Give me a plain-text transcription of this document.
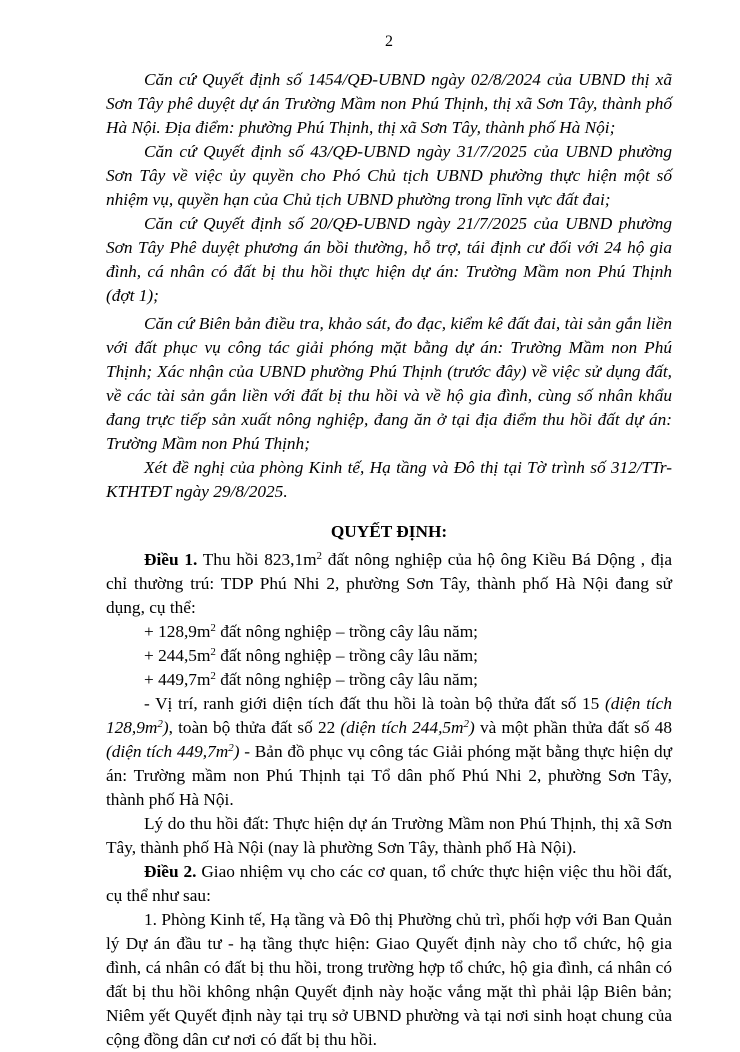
2

Căn cứ Quyết định số 1454/QĐ-UBND ngày 02/8/2024 của UBND thị xã Sơn Tây phê duyệt dự án Trường Mầm non Phú Thịnh, thị xã Sơn Tây, thành phố Hà Nội. Địa điểm: phường Phú Thịnh, thị xã Sơn Tây, thành phố Hà Nội;

Căn cứ Quyết định số 43/QĐ-UBND ngày 31/7/2025 của UBND phường Sơn Tây về việc ủy quyền cho Phó Chủ tịch UBND phường thực hiện một số nhiệm vụ, quyền hạn của Chủ tịch UBND phường trong lĩnh vực đất đai;

Căn cứ Quyết định số 20/QĐ-UBND ngày 21/7/2025 của UBND phường Sơn Tây Phê duyệt phương án bồi thường, hỗ trợ, tái định cư đối với 24 hộ gia đình, cá nhân có đất bị thu hồi thực hiện dự án: Trường Mầm non Phú Thịnh (đợt 1);

Căn cứ Biên bản điều tra, khảo sát, đo đạc, kiểm kê đất đai, tài sản gắn liền với đất phục vụ công tác giải phóng mặt bằng dự án: Trường Mầm non Phú Thịnh; Xác nhận của UBND phường Phú Thịnh (trước đây) về việc sử dụng đất, về các tài sản gắn liền với đất bị thu hồi và về hộ gia đình, cùng số nhân khẩu đang trực tiếp sản xuất nông nghiệp, đang ăn ở tại địa điểm thu hồi đất dự án: Trường Mầm non Phú Thịnh;

Xét đề nghị của phòng Kinh tế, Hạ tầng và Đô thị tại Tờ trình số 312/TTr-KTHTĐT ngày 29/8/2025.

QUYẾT ĐỊNH:

Điều 1. Thu hồi $823,1m^2$ đất nông nghiệp của hộ ông Kiều Bá Dộng , địa chỉ thường trú: TDP Phú Nhi 2, phường Sơn Tây, thành phố Hà Nội đang sử dụng, cụ thể:

+ $128,9m^2$ đất nông nghiệp – trồng cây lâu năm;

+ $244,5m^2$ đất nông nghiệp – trồng cây lâu năm;

+ $449,7m^2$ đất nông nghiệp – trồng cây lâu năm;

- Vị trí, ranh giới diện tích đất thu hồi là toàn bộ thửa đất số 15 (diện tích $128,9m^2$), toàn bộ thửa đất số 22 (diện tích $244,5m^2$) và một phần thửa đất số 48 (diện tích $449,7m^2$) - Bản đồ phục vụ công tác Giải phóng mặt bằng thực hiện dự án: Trường mầm non Phú Thịnh tại Tổ dân phố Phú Nhi 2, phường Sơn Tây, thành phố Hà Nội.

Lý do thu hồi đất: Thực hiện dự án Trường Mầm non Phú Thịnh, thị xã Sơn Tây, thành phố Hà Nội (nay là phường Sơn Tây, thành phố Hà Nội).

Điều 2. Giao nhiệm vụ cho các cơ quan, tổ chức thực hiện việc thu hồi đất, cụ thể như sau:

1. Phòng Kinh tế, Hạ tầng và Đô thị Phường chủ trì, phối hợp với Ban Quản lý Dự án đầu tư - hạ tầng thực hiện: Giao Quyết định này cho tổ chức, hộ gia đình, cá nhân có đất bị thu hồi, trong trường hợp tổ chức, hộ gia đình, cá nhân có đất bị thu hồi không nhận Quyết định này hoặc vắng mặt thì phải lập Biên bản; Niêm yết Quyết định này tại trụ sở UBND phường và tại nơi sinh hoạt chung của cộng đồng dân cư nơi có đất bị thu hồi.
